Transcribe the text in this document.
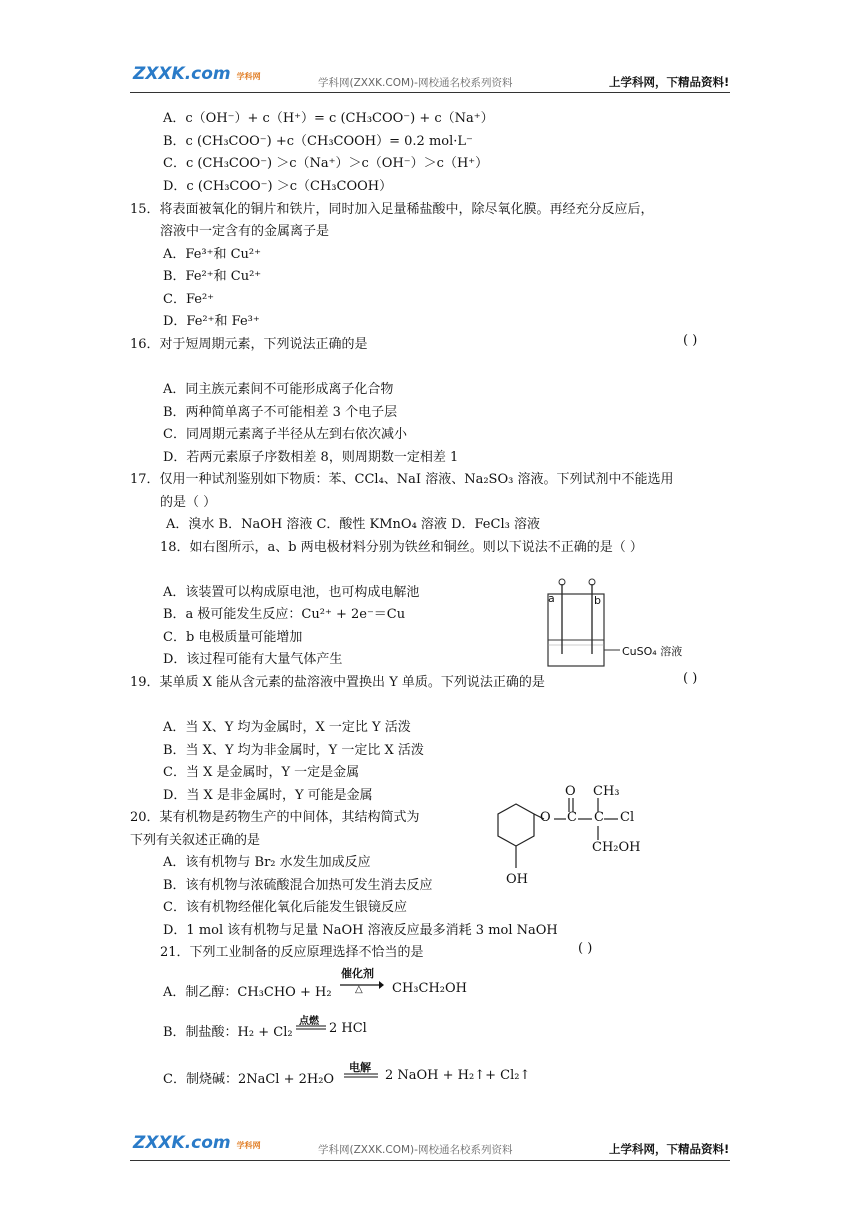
ZXXK.com 学科网
学科网(ZXXK.COM)-网校通名校系列资料	上学科网，下精品资料!
A．c（OH⁻）+ c（H⁺）= c (CH₃COO⁻) + c（Na⁺）
B．c (CH₃COO⁻) +c（CH₃COOH）= 0.2 mol·L⁻
C．c (CH₃COO⁻) ＞c（Na⁺）＞c（OH⁻）＞c（H⁺）
D．c (CH₃COO⁻) ＞c（CH₃COOH）
15．将表面被氧化的铜片和铁片，同时加入足量稀盐酸中，除尽氧化膜。再经充分反应后，
溶液中一定含有的金属离子是
A．Fe³⁺和 Cu²⁺
B．Fe²⁺和 Cu²⁺
C．Fe²⁺
D．Fe²⁺和 Fe³⁺
16．对于短周期元素，下列说法正确的是	( )
A．同主族元素间不可能形成离子化合物
B．两种简单离子不可能相差 3 个电子层
C．同周期元素离子半径从左到右依次减小
D．若两元素原子序数相差 8，则周期数一定相差 1
17．仅用一种试剂鉴别如下物质：苯、CCl₄、NaI 溶液、Na₂SO₃ 溶液。下列试剂中不能选用
的是（ ）
A．溴水 B．NaOH 溶液 C．酸性 KMnO₄ 溶液 D．FeCl₃ 溶液
18．如右图所示，a、b 两电极材料分别为铁丝和铜丝。则以下说法不正确的是（ ）
A．该装置可以构成原电池，也可构成电解池
B．a 极可能发生反应：Cu²⁺ + 2e⁻＝Cu
C．b 电极质量可能增加
D．该过程可能有大量气体产生
a	b
CuSO₄ 溶液
19．某单质 X 能从含元素的盐溶液中置换出 Y 单质。下列说法正确的是	( )
A．当 X、Y 均为金属时，X 一定比 Y 活泼
B．当 X、Y 均为非金属时，Y 一定比 X 活泼
C．当 X 是金属时，Y 一定是金属
D．当 X 是非金属时，Y 可能是金属
20．某有机物是药物生产的中间体，其结构简式为
下列有关叙述正确的是
A．该有机物与 Br₂ 水发生加成反应
B．该有机物与浓硫酸混合加热可发生消去反应
C．该有机物经催化氧化后能发生银镜反应
D．1 mol 该有机物与足量 NaOH 溶液反应最多消耗 3 mol NaOH
O CH₃
O C C Cl
CH₂OH
OH
21．下列工业制备的反应原理选择不恰当的是	( )
A．制乙醇：CH₃CHO + H₂
催化剂
△ CH₃CH₂OH
B．制盐酸：H₂ + Cl₂
点燃 2 HCl
C．制烧碱：2NaCl + 2H₂O
电解
2 NaOH + H₂↑+ Cl₂↑
ZXXK.com 学科网	学科网(ZXXK.COM)-网校通名校系列资料	上学科网，下精品资料!
